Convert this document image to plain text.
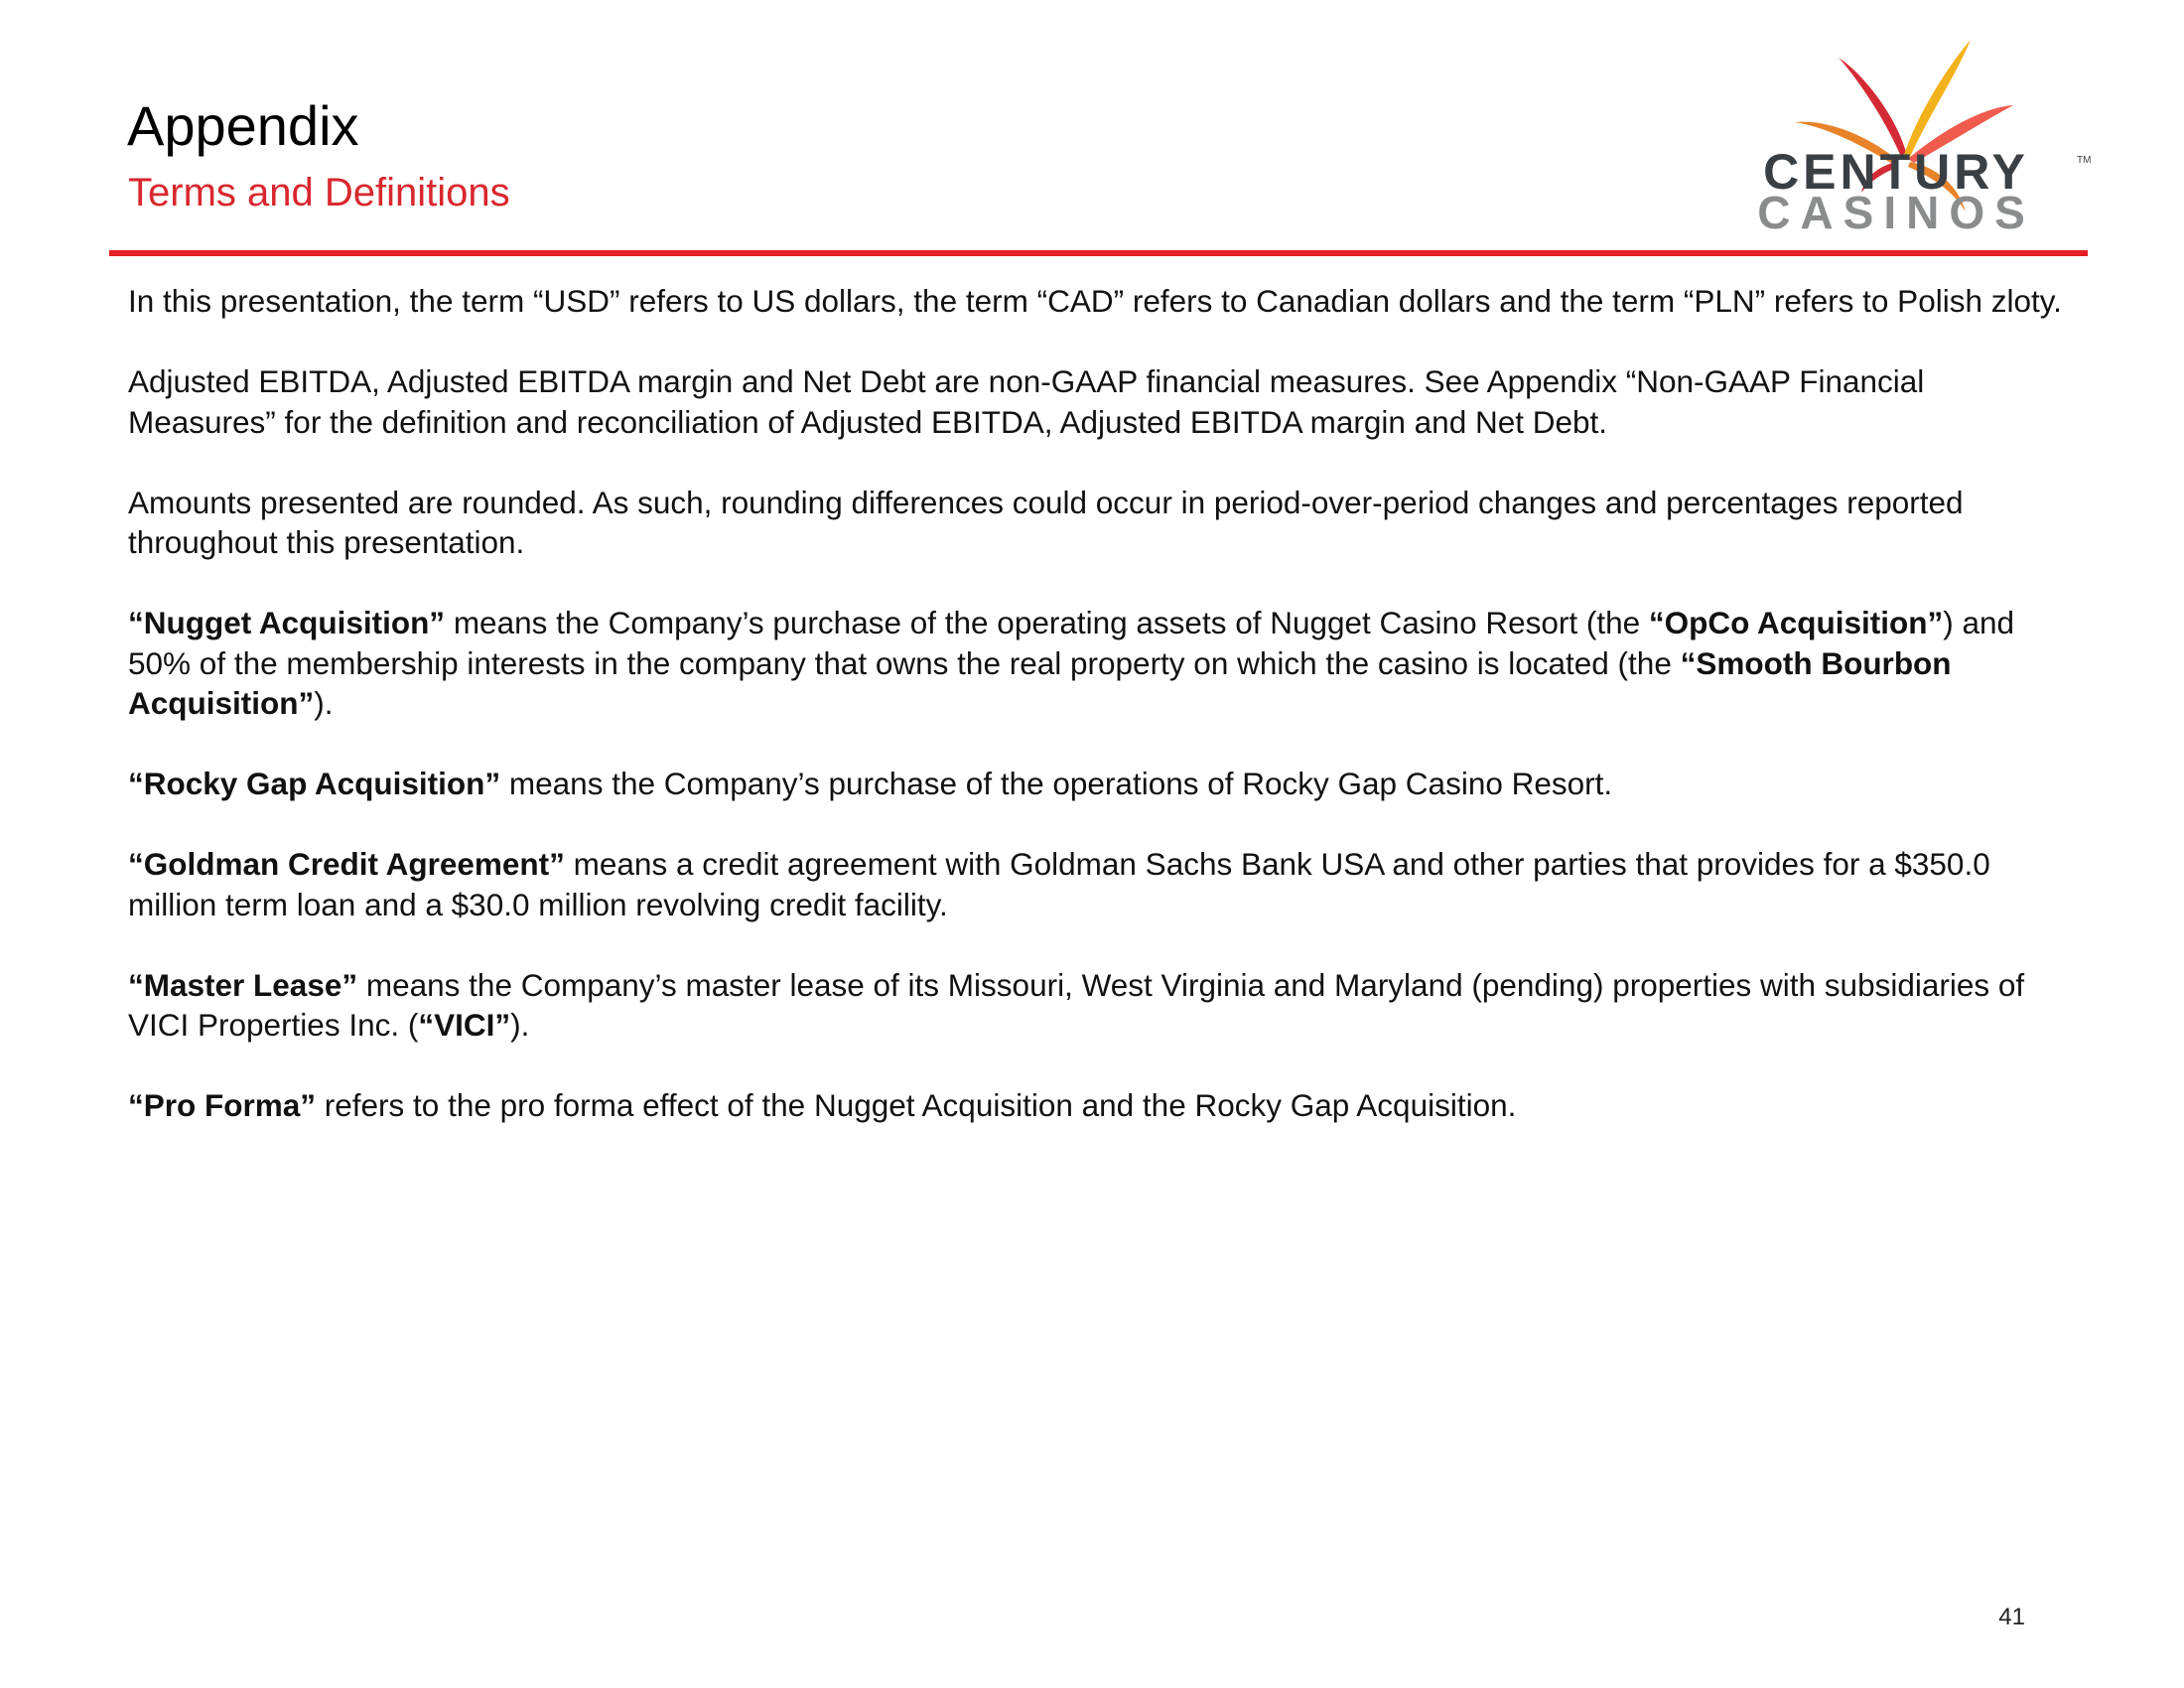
Appendix
Terms and Definitions	CENTURY
CASINOS
TM

In this presentation, the term “USD” refers to US dollars, the term “CAD” refers to Canadian dollars and the term “PLN” refers to Polish zloty.

Adjusted EBITDA, Adjusted EBITDA margin and Net Debt are non-GAAP financial measures. See Appendix “Non-GAAP Financial Measures” for the definition and reconciliation of Adjusted EBITDA, Adjusted EBITDA margin and Net Debt.

Amounts presented are rounded. As such, rounding differences could occur in period-over-period changes and percentages reported throughout this presentation.

“Nugget Acquisition” means the Company’s purchase of the operating assets of Nugget Casino Resort (the “OpCo Acquisition”) and 50% of the membership interests in the company that owns the real property on which the casino is located (the “Smooth Bourbon Acquisition”).

“Rocky Gap Acquisition” means the Company’s purchase of the operations of Rocky Gap Casino Resort.

“Goldman Credit Agreement” means a credit agreement with Goldman Sachs Bank USA and other parties that provides for a $350.0 million term loan and a $30.0 million revolving credit facility.

“Master Lease” means the Company’s master lease of its Missouri, West Virginia and Maryland (pending) properties with subsidiaries of VICI Properties Inc. (“VICI”).

“Pro Forma” refers to the pro forma effect of the Nugget Acquisition and the Rocky Gap Acquisition.

41
